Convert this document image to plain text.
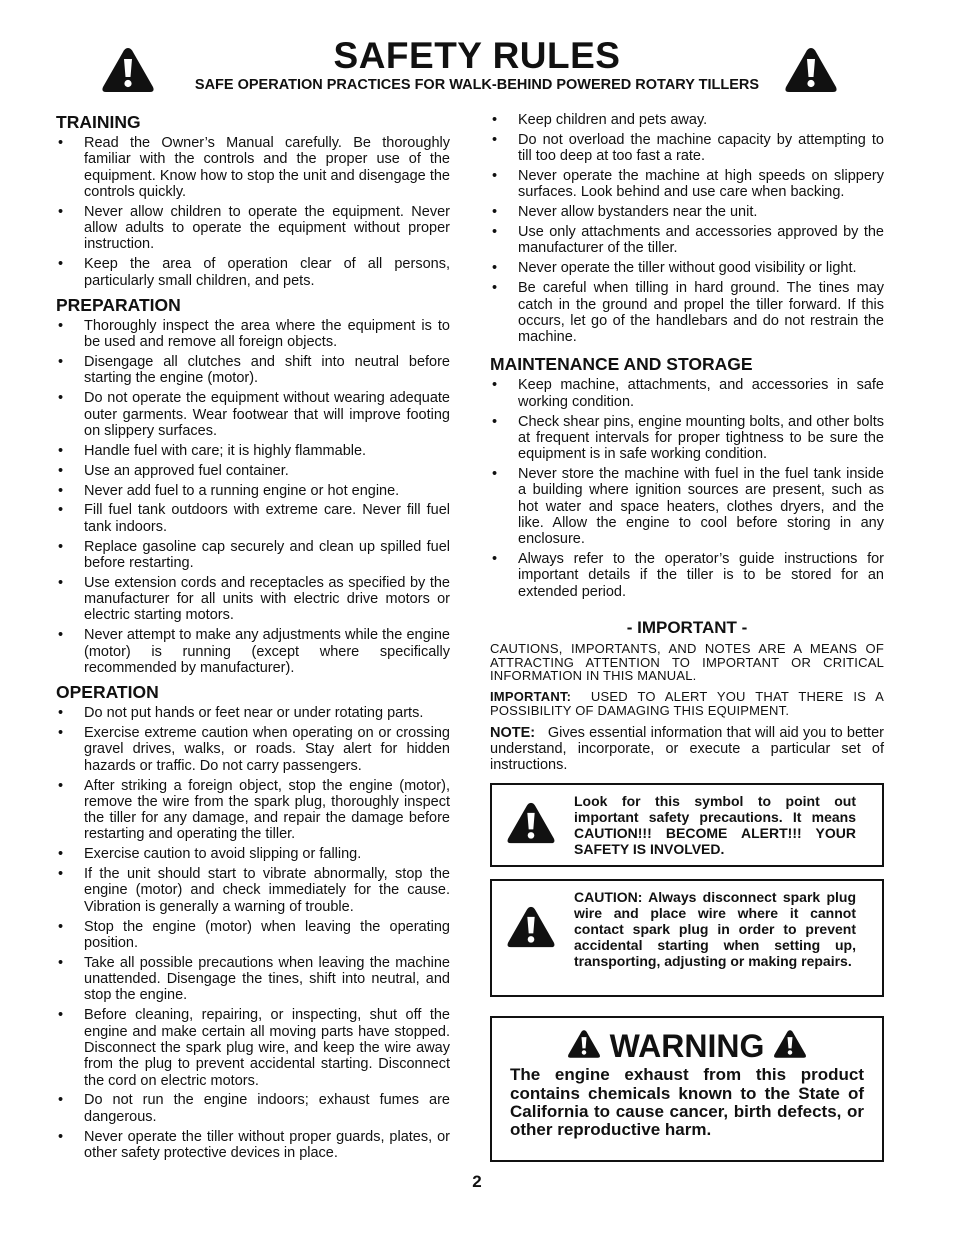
SAFETY RULES
SAFE OPERATION PRACTICES FOR WALK-BEHIND POWERED ROTARY TILLERS
TRAINING
• Read the Owner’s Manual carefully. Be thoroughly familiar with the controls and the proper use of the equipment. Know how to stop the unit and disengage the controls quickly.
• Never allow children to operate the equipment. Never allow adults to operate the equipment without proper instruction.
• Keep the area of operation clear of all persons, particularly small children, and pets.
PREPARATION
• Thoroughly inspect the area where the equipment is to be used and remove all foreign objects.
• Disengage all clutches and shift into neutral before starting the engine (motor).
• Do not operate the equipment without wearing adequate outer garments. Wear footwear that will improve footing on slippery surfaces.
• Handle fuel with care; it is highly flammable.
• Use an approved fuel container.
• Never add fuel to a running engine or hot engine.
• Fill fuel tank outdoors with extreme care. Never fill fuel tank indoors.
• Replace gasoline cap securely and clean up spilled fuel before restarting.
• Use extension cords and receptacles as specified by the manufacturer for all units with electric drive motors or electric starting motors.
• Never attempt to make any adjustments while the engine (motor) is running (except where specifically recommended by manufacturer).
OPERATION
• Do not put hands or feet near or under rotating parts.
• Exercise extreme caution when operating on or crossing gravel drives, walks, or roads. Stay alert for hidden hazards or traffic. Do not carry passengers.
• After striking a foreign object, stop the engine (motor), remove the wire from the spark plug, thoroughly inspect the tiller for any damage, and repair the damage before restarting and operating the tiller.
• Exercise caution to avoid slipping or falling.
• If the unit should start to vibrate abnormally, stop the engine (motor) and check immediately for the cause. Vibration is generally a warning of trouble.
• Stop the engine (motor) when leaving the operating position.
• Take all possible precautions when leaving the machine unattended. Disengage the tines, shift into neutral, and stop the engine.
• Before cleaning, repairing, or inspecting, shut off the engine and make certain all moving parts have stopped. Disconnect the spark plug wire, and keep the wire away from the plug to prevent accidental starting. Disconnect the cord on electric motors.
• Do not run the engine indoors; exhaust fumes are dangerous.
• Never operate the tiller without proper guards, plates, or other safety protective devices in place.
• Keep children and pets away.
• Do not overload the machine capacity by attempting to till too deep at too fast a rate.
• Never operate the machine at high speeds on slippery surfaces. Look behind and use care when backing.
• Never allow bystanders near the unit.
• Use only attachments and accessories approved by the manufacturer of the tiller.
• Never operate the tiller without good visibility or light.
• Be careful when tilling in hard ground. The tines may catch in the ground and propel the tiller forward. If this occurs, let go of the handlebars and do not restrain the machine.
MAINTENANCE AND STORAGE
• Keep machine, attachments, and accessories in safe working condition.
• Check shear pins, engine mounting bolts, and other bolts at frequent intervals for proper tightness to be sure the equipment is in safe working condition.
• Never store the machine with fuel in the fuel tank inside a building where ignition sources are present, such as hot water and space heaters, clothes dryers, and the like. Allow the engine to cool before storing in any enclosure.
• Always refer to the operator’s guide instructions for important details if the tiller is to be stored for an extended period.
- IMPORTANT -

CAUTIONS, IMPORTANTS, AND NOTES ARE A MEANS OF ATTRACTING ATTENTION TO IMPORTANT OR CRITICAL INFORMATION IN THIS MANUAL.

IMPORTANT: USED TO ALERT YOU THAT THERE IS A POSSIBILITY OF DAMAGING THIS EQUIPMENT.

NOTE: Gives essential information that will aid you to better understand, incorporate, or execute a particular set of instructions.

Look for this symbol to point out important safety precautions. It means CAUTION!!! BECOME ALERT!!! YOUR SAFETY IS INVOLVED.
CAUTION: Always disconnect spark plug wire and place wire where it cannot contact spark plug in order to prevent accidental starting when setting up, transporting, adjusting or making repairs.
WARNING
The engine exhaust from this product contains chemicals known to the State of California to cause cancer, birth defects, or other reproductive harm.
2
